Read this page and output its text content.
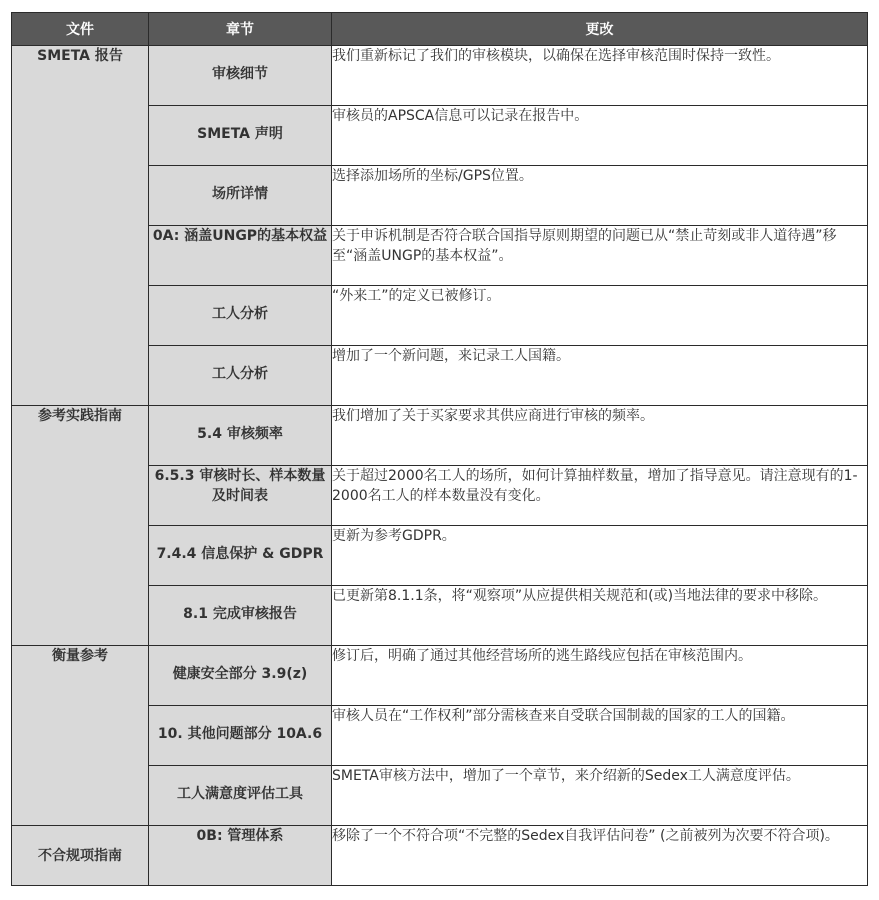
文件	章节	更改
SMETA 报告	审核细节	我们重新标记了我们的审核模块，以确保在选择审核范围时保持一致性。
	SMETA 声明	审核员的APSCA信息可以记录在报告中。
	场所详情	选择添加场所的坐标/GPS位置。
	0A: 涵盖UNGP的基本权益	关于申诉机制是否符合联合国指导原则期望的问题已从“禁止苛刻或非人道待遇”移至“涵盖UNGP的基本权益”。
	工人分析	“外来工”的定义已被修订。
	工人分析	增加了一个新问题，来记录工人国籍。
参考实践指南	5.4 审核频率	我们增加了关于买家要求其供应商进行审核的频率。
	6.5.3 审核时长、样本数量及时间表	关于超过2000名工人的场所，如何计算抽样数量，增加了指导意见。请注意现有的1-2000名工人的样本数量没有变化。
	7.4.4 信息保护 & GDPR	更新为参考GDPR。
	8.1 完成审核报告	已更新第8.1.1条，将“观察项”从应提供相关规范和(或)当地法律的要求中移除。
衡量参考	健康安全部分 3.9(z)	修订后，明确了通过其他经营场所的逃生路线应包括在审核范围内。
	10. 其他问题部分 10A.6	审核人员在“工作权利”部分需核查来自受联合国制裁的国家的工人的国籍。
	工人满意度评估工具	SMETA审核方法中，增加了一个章节，来介绍新的Sedex工人满意度评估。
不合规项指南	0B: 管理体系	移除了一个不符合项“不完整的Sedex自我评估问卷” (之前被列为次要不符合项)。
